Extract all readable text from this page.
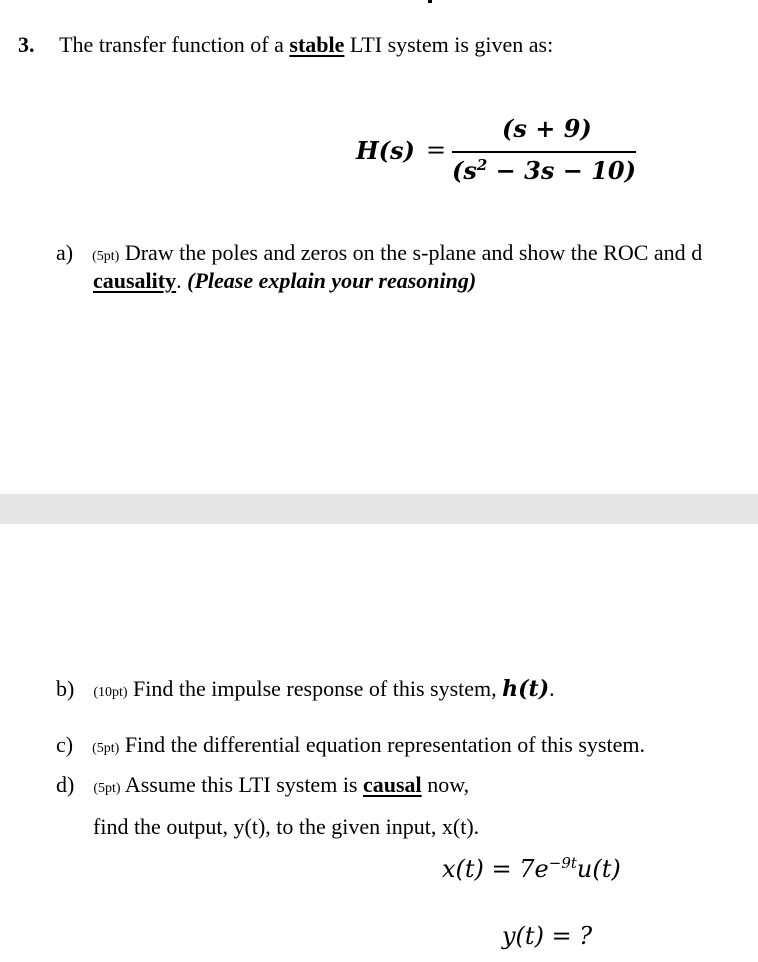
3. The transfer function of a stable LTI system is given as:
H(s) =
(s + 9)
$(s^2 - 3s - 10)$
a) (5pt) Draw the poles and zeros on the s-plane and show the ROC and d
causality. (Please explain your reasoning)
b) (10pt) Find the impulse response of this system, h(t).
c) (5pt) Find the differential equation representation of this system.
d) (5pt) Assume this LTI system is causal now,
find the output, y(t), to the given input, x(t).
$x(t) = 7e^{-9t}u(t)$
y(t) = ?
